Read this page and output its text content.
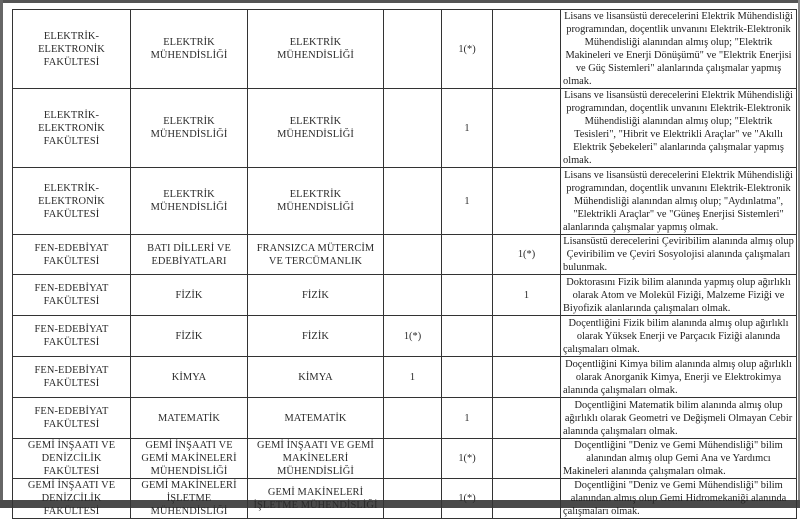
ELEKTRİK-ELEKTRONİK FAKÜLTESİ	ELEKTRİK MÜHENDİSLİĞİ	ELEKTRİK MÜHENDİSLİĞİ		1(*)		Lisans ve lisansüstü derecelerini Elektrik Mühendisliği programından, doçentlik unvanını Elektrik-Elektronik Mühendisliği alanından almış olup; "Elektrik Makineleri ve Enerji Dönüşümü" ve "Elektrik Enerjisi ve Güç Sistemleri" alanlarında çalışmalar yapmış olmak.
ELEKTRİK-ELEKTRONİK FAKÜLTESİ	ELEKTRİK MÜHENDİSLİĞİ	ELEKTRİK MÜHENDİSLİĞİ		1		Lisans ve lisansüstü derecelerini Elektrik Mühendisliği programından, doçentlik unvanını Elektrik-Elektronik Mühendisliği alanından almış olup; "Elektrik Tesisleri", "Hibrit ve Elektrikli Araçlar" ve "Akıllı Elektrik Şebekeleri" alanlarında çalışmalar yapmış olmak.
ELEKTRİK-ELEKTRONİK FAKÜLTESİ	ELEKTRİK MÜHENDİSLİĞİ	ELEKTRİK MÜHENDİSLİĞİ		1		Lisans ve lisansüstü derecelerini Elektrik Mühendisliği programından, doçentlik unvanını Elektrik-Elektronik Mühendisliği alanından almış olup; "Aydınlatma", "Elektrikli Araçlar" ve "Güneş Enerjisi Sistemleri" alanlarında çalışmalar yapmış olmak.
FEN-EDEBİYAT FAKÜLTESİ	BATI DİLLERİ VE EDEBİYATLARI	FRANSIZCA MÜTERCİM VE TERCÜMANLIK			1(*)	Lisansüstü derecelerini Çeviribilim alanında almış olup Çeviribilim ve Çeviri Sosyolojisi alanında çalışmaları bulunmak.
FEN-EDEBİYAT FAKÜLTESİ	FİZİK	FİZİK			1	Doktorasını Fizik bilim alanında yapmış olup ağırlıklı olarak Atom ve Molekül Fiziği, Malzeme Fiziği ve Biyofizik alanlarında çalışmaları olmak.
FEN-EDEBİYAT FAKÜLTESİ	FİZİK	FİZİK	1(*)			Doçentliğini Fizik bilim alanında almış olup ağırlıklı olarak Yüksek Enerji ve Parçacık Fiziği alanında çalışmaları olmak.
FEN-EDEBİYAT FAKÜLTESİ	KİMYA	KİMYA	1			Doçentliğini Kimya bilim alanında almış olup ağırlıklı olarak Anorganik Kimya, Enerji ve Elektrokimya alanında çalışmaları olmak.
FEN-EDEBİYAT FAKÜLTESİ	MATEMATİK	MATEMATİK		1		Doçentliğini Matematik bilim alanında almış olup ağırlıklı olarak Geometri ve Değişmeli Olmayan Cebir alanında çalışmaları olmak.
GEMİ İNŞAATI VE DENİZCİLİK FAKÜLTESİ	GEMİ İNŞAATI VE GEMİ MAKİNELERİ MÜHENDİSLİĞİ	GEMİ İNŞAATI VE GEMİ MAKİNELERİ MÜHENDİSLİĞİ		1(*)		Doçentliğini "Deniz ve Gemi Mühendisliği" bilim alanından almış olup Gemi Ana ve Yardımcı Makineleri alanında çalışmaları olmak.
GEMİ İNŞAATI VE DENİZCİLİK FAKÜLTESİ	GEMİ MAKİNELERİ İŞLETME MÜHENDİSLİĞİ	GEMİ MAKİNELERİ İŞLETME MÜHENDİSLİĞİ		1(*)		Doçentliğini "Deniz ve Gemi Mühendisliği" bilim alanından almış olup Gemi Hidromekaniği alanında çalışmaları olmak.
